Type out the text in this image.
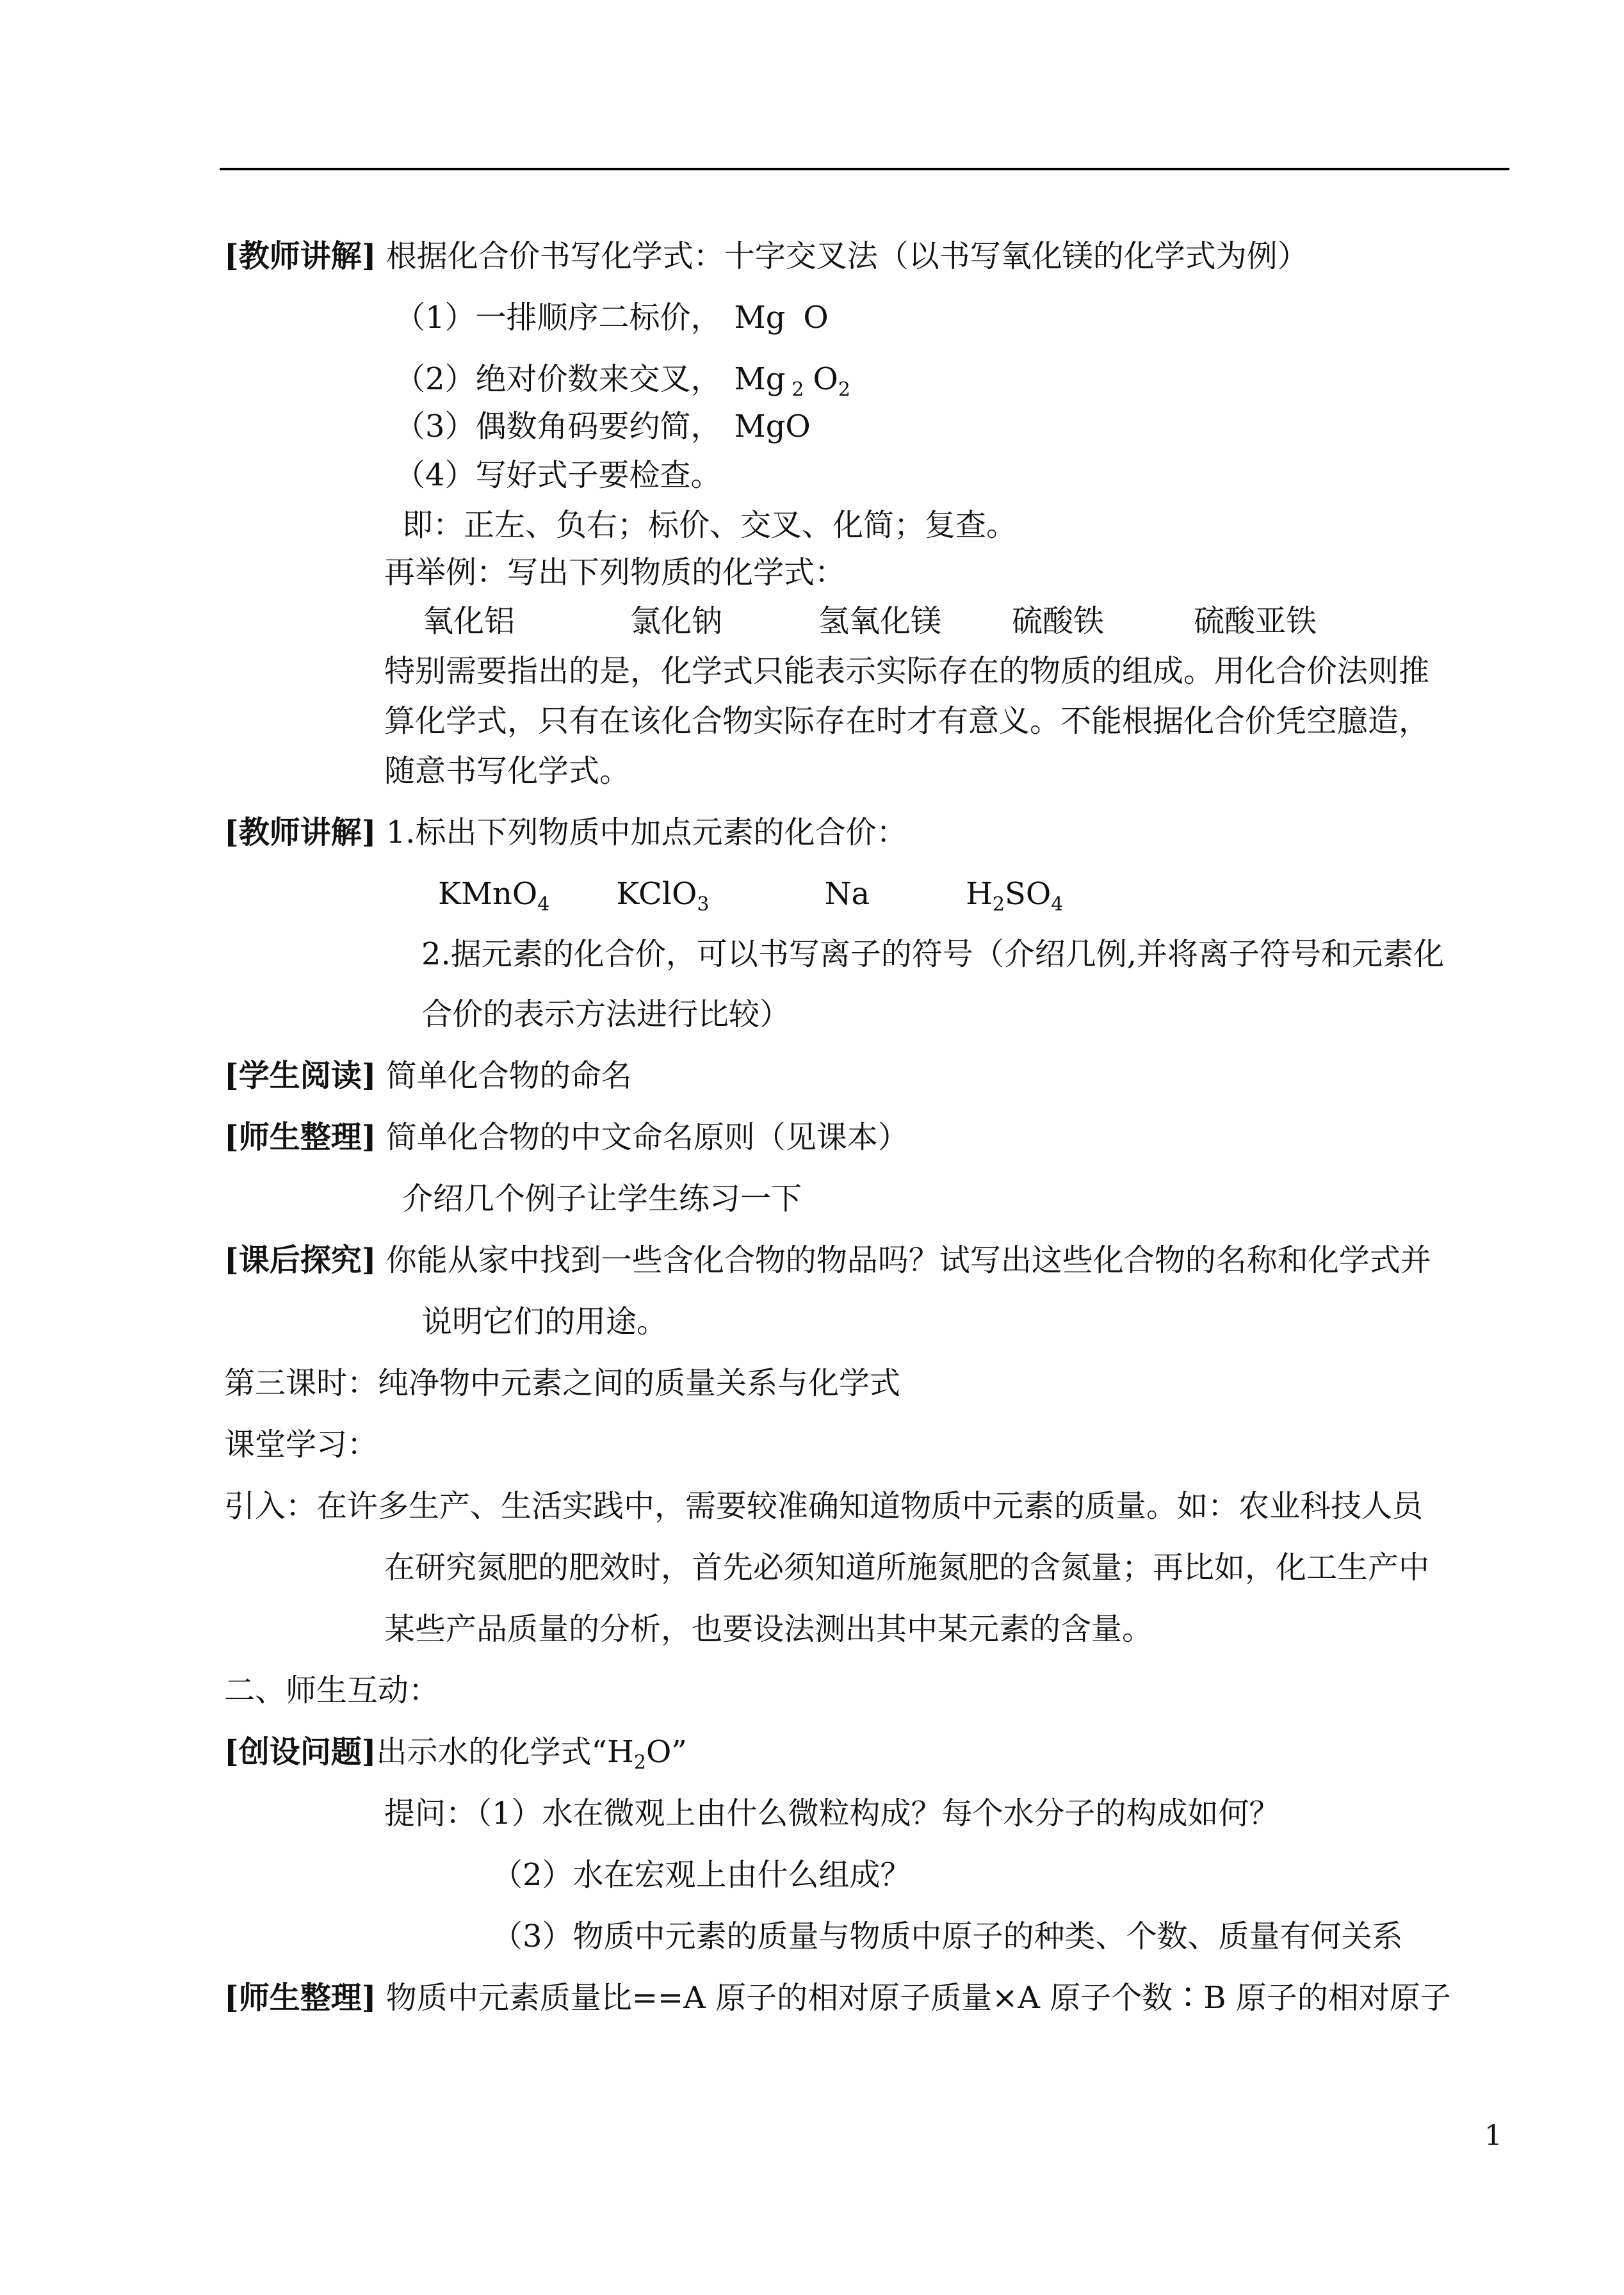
[教师讲解] 根据化合价书写化学式：十字交叉法（以书写氧化镁的化学式为例）
（1）一排顺序二标价， Mg O
（2）绝对价数来交叉， Mg $_2$ $O_2$
（3）偶数角码要约简， MgO
（4）写好式子要检查。
即：正左、负右；标价、交叉、化简；复查。
再举例：写出下列物质的化学式：
氧化铝	氯化钠	氢氧化镁 硫酸铁	硫酸亚铁
特别需要指出的是，化学式只能表示实际存在的物质的组成。用化合价法则推
算化学式，只有在该化合物实际存在时才有意义。不能根据化合价凭空臆造，
随意书写化学式。
[教师讲解] 1.标出下列物质中加点元素的化合价：
KMnO$_4$ KClO$_3$	Na	$H_2SO_4$
2.据元素的化合价，可以书写离子的符号（介绍几例,并将离子符号和元素化
合价的表示方法进行比较）
[学生阅读] 简单化合物的命名
[师生整理] 简单化合物的中文命名原则（见课本）
介绍几个例子让学生练习一下
[课后探究] 你能从家中找到一些含化合物的物品吗？试写出这些化合物的名称和化学式并
说明它们的用途。
第三课时：纯净物中元素之间的质量关系与化学式
课堂学习：
引入：在许多生产、生活实践中，需要较准确知道物质中元素的质量。如：农业科技人员
在研究氮肥的肥效时，首先必须知道所施氮肥的含氮量；再比如，化工生产中
某些产品质量的分析，也要设法测出其中某元素的含量。
二、师生互动：
[创设问题]出示水的化学式“$H_2O$”
提问：（1）水在微观上由什么微粒构成？每个水分子的构成如何？
（2）水在宏观上由什么组成？
（3）物质中元素的质量与物质中原子的种类、个数、质量有何关系
[师生整理] 物质中元素质量比==A 原子的相对原子质量×A 原子个数∶B 原子的相对原子
1
